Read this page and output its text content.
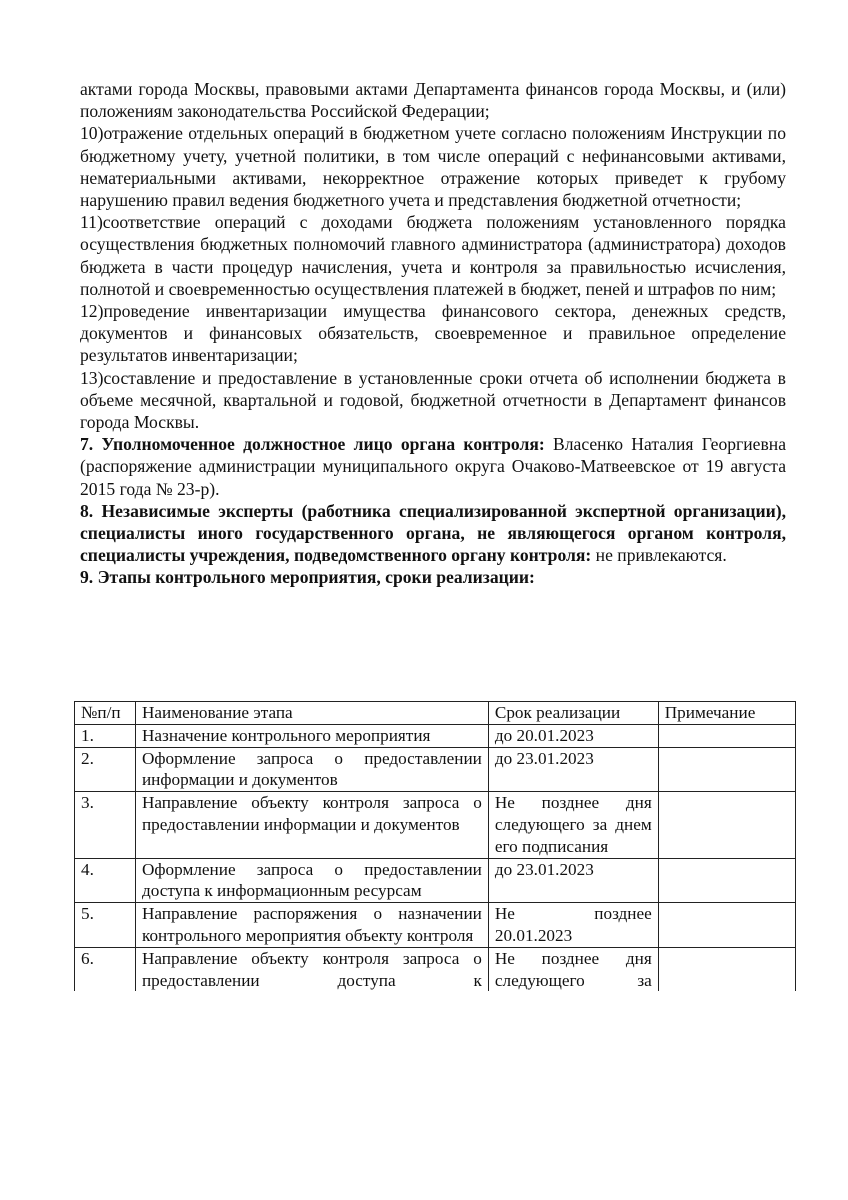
актами города Москвы, правовыми актами Департамента финансов города Москвы, и (или) положениям законодательства Российской Федерации;

10)отражение отдельных операций в бюджетном учете согласно положениям Инструкции по бюджетному учету, учетной политики, в том числе операций с нефинансовыми активами, нематериальными активами, некорректное отражение которых приведет к грубому нарушению правил ведения бюджетного учета и представления бюджетной отчетности;

11)соответствие операций с доходами бюджета положениям установленного порядка осуществления бюджетных полномочий главного администратора (администратора) доходов бюджета в части процедур начисления, учета и контроля за правильностью исчисления, полнотой и своевременностью осуществления платежей в бюджет, пеней и штрафов по ним;

12)проведение инвентаризации имущества финансового сектора, денежных средств, документов и финансовых обязательств, своевременное и правильное определение результатов инвентаризации;

13)составление и предоставление в установленные сроки отчета об исполнении бюджета в объеме месячной, квартальной и годовой, бюджетной отчетности в Департамент финансов города Москвы.

7. Уполномоченное должностное лицо органа контроля: Власенко Наталия Георгиевна (распоряжение администрации муниципального округа Очаково-Матвеевское от 19 августа 2015 года № 23-р).

8. Независимые эксперты (работника специализированной экспертной организации), специалисты иного государственного органа, не являющегося органом контроля, специалисты учреждения, подведомственного органу контроля: не привлекаются.

9. Этапы контрольного мероприятия, сроки реализации:

№п/п	Наименование этапа	Срок реализации	Примечание
1.	Назначение контрольного мероприятия	до 20.01.2023	
2.	Оформление запроса о предоставлении информации и документов	до 23.01.2023	
3.	Направление объекту контроля запроса о предоставлении информации и документов	Не позднее дня следующего за днем его подписания	
4.	Оформление запроса о предоставлении доступа к информационным ресурсам	до 23.01.2023	
5.	Направление распоряжения о назначении контрольного мероприятия объекту контроля	Не позднее 20.01.2023	
6.	Направление объекту контроля запроса о предоставлении доступа к	Не позднее дня следующего за	
